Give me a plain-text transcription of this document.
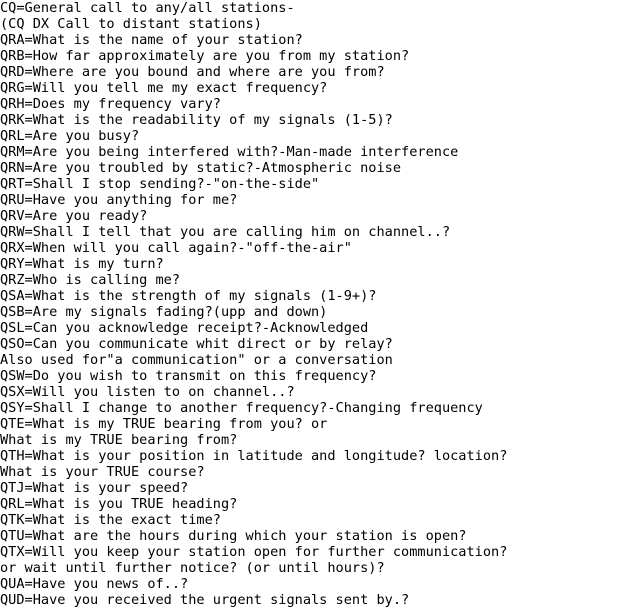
CQ=General call to any/all stations-
(CQ DX Call to distant stations)
QRA=What is the name of your station?
QRB=How far approximately are you from my station?
QRD=Where are you bound and where are you from?
QRG=Will you tell me my exact frequency?
QRH=Does my frequency vary?
QRK=What is the readability of my signals (1-5)?
QRL=Are you busy?
QRM=Are you being interfered with?-Man-made interference
QRN=Are you troubled by static?-Atmospheric noise
QRT=Shall I stop sending?-"on-the-side"
QRU=Have you anything for me?
QRV=Are you ready?
QRW=Shall I tell that you are calling him on channel..?
QRX=When will you call again?-"off-the-air"
QRY=What is my turn?
QRZ=Who is calling me?
QSA=What is the strength of my signals (1-9+)?
QSB=Are my signals fading?(upp and down)
QSL=Can you acknowledge receipt?-Acknowledged
QSO=Can you communicate whit direct or by relay?
Also used for"a communication" or a conversation
QSW=Do you wish to transmit on this frequency?
QSX=Will you listen to on channel..?
QSY=Shall I change to another frequency?-Changing frequency
QTE=What is my TRUE bearing from you? or
What is my TRUE bearing from?
QTH=What is your position in latitude and longitude? location?
What is your TRUE course?
QTJ=What is your speed?
QRL=What is you TRUE heading?
QTK=What is the exact time?
QTU=What are the hours during which your station is open?
QTX=Will you keep your station open for further communication?
or wait until further notice? (or until hours)?
QUA=Have you news of..?
QUD=Have you received the urgent signals sent by.?
